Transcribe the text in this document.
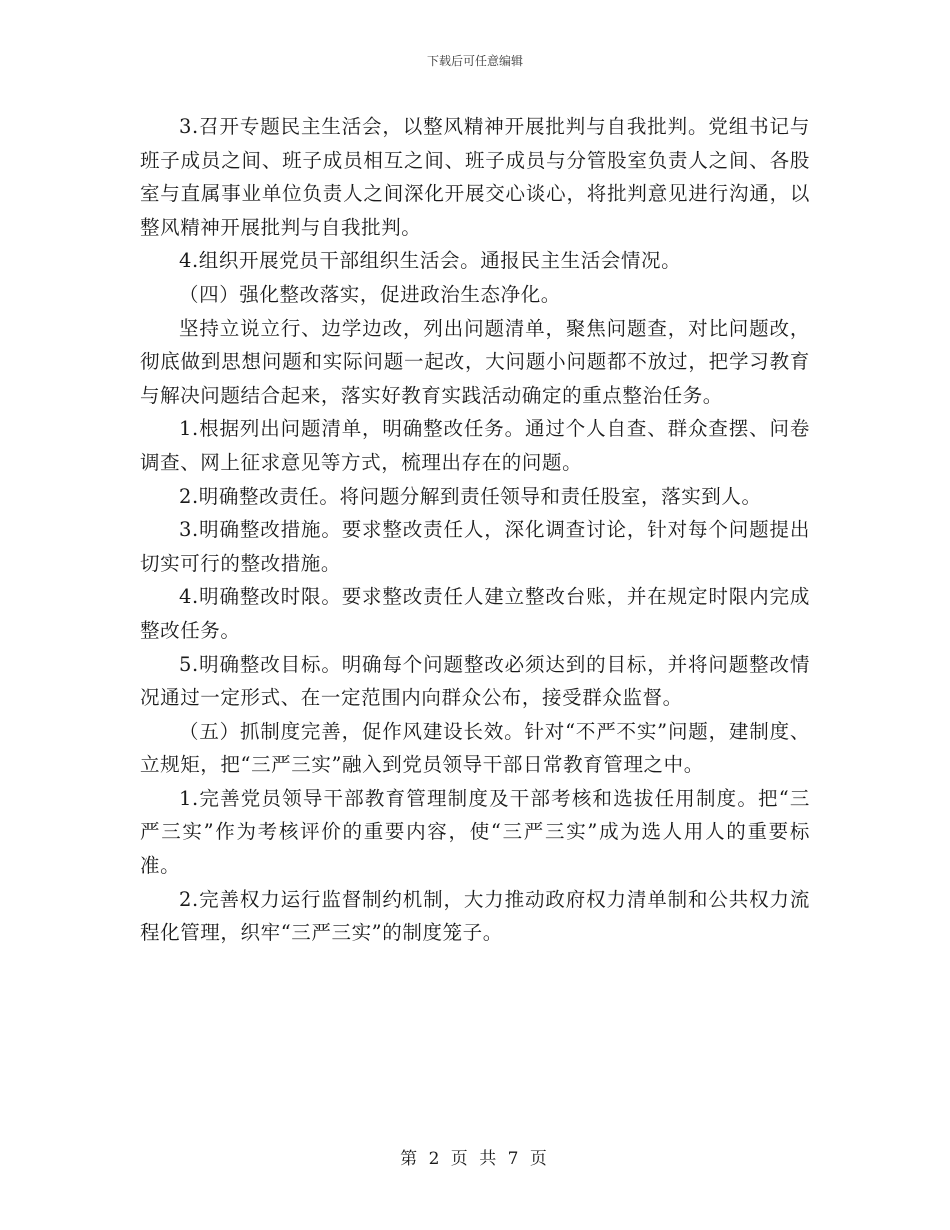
下载后可任意编辑

3.召开专题民主生活会，以整风精神开展批判与自我批判。党组书记与班子成员之间、班子成员相互之间、班子成员与分管股室负责人之间、各股室与直属事业单位负责人之间深化开展交心谈心，将批判意见进行沟通，以整风精神开展批判与自我批判。

4.组织开展党员干部组织生活会。通报民主生活会情况。

（四）强化整改落实，促进政治生态净化。

坚持立说立行、边学边改，列出问题清单，聚焦问题查，对比问题改，彻底做到思想问题和实际问题一起改，大问题小问题都不放过，把学习教育与解决问题结合起来，落实好教育实践活动确定的重点整治任务。

1.根据列出问题清单，明确整改任务。通过个人自查、群众查摆、问卷调查、网上征求意见等方式，梳理出存在的问题。

2.明确整改责任。将问题分解到责任领导和责任股室，落实到人。

3.明确整改措施。要求整改责任人，深化调查讨论，针对每个问题提出切实可行的整改措施。

4.明确整改时限。要求整改责任人建立整改台账，并在规定时限内完成整改任务。

5.明确整改目标。明确每个问题整改必须达到的目标，并将问题整改情况通过一定形式、在一定范围内向群众公布，接受群众监督。

（五）抓制度完善，促作风建设长效。针对“不严不实”问题，建制度、立规矩，把“三严三实”融入到党员领导干部日常教育管理之中。

1.完善党员领导干部教育管理制度及干部考核和选拔任用制度。把“三严三实”作为考核评价的重要内容，使“三严三实”成为选人用人的重要标准。

2.完善权力运行监督制约机制，大力推动政府权力清单制和公共权力流程化管理，织牢“三严三实”的制度笼子。

第 2 页 共 7 页
